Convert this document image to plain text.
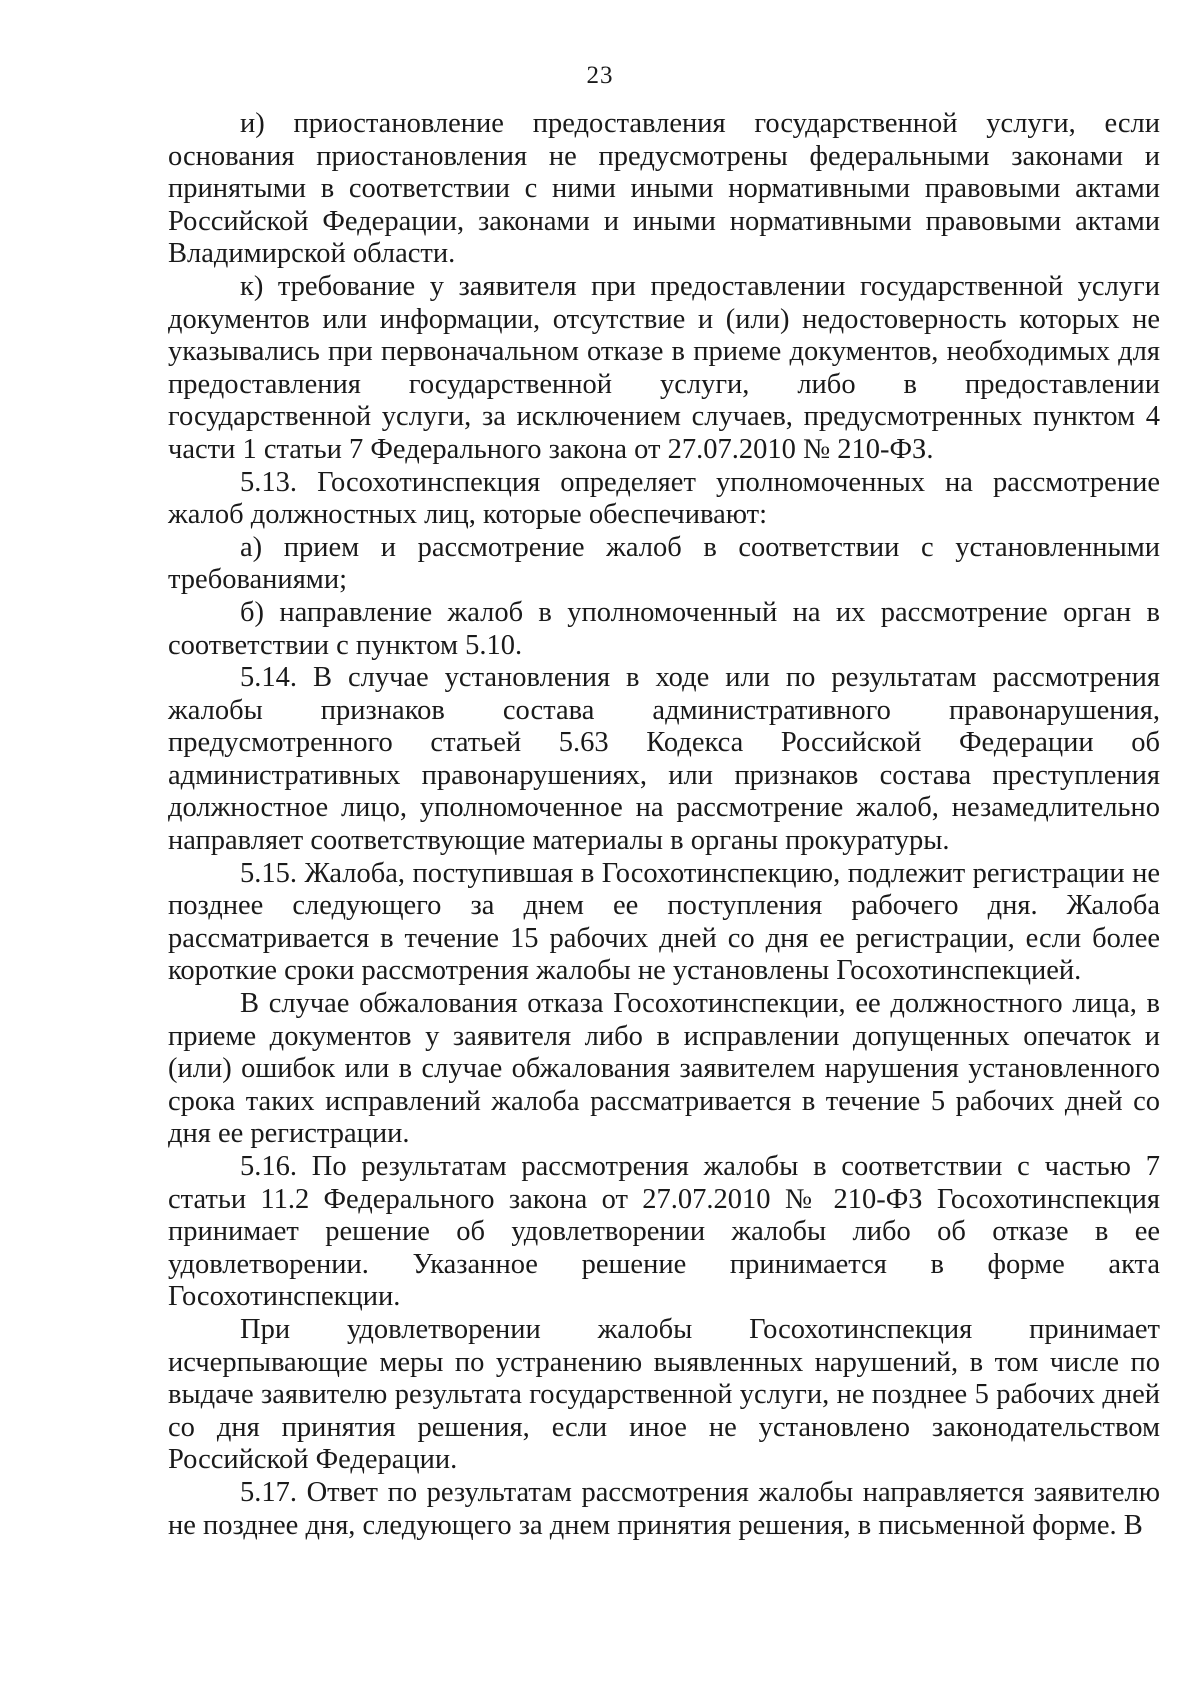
23

и) приостановление предоставления государственной услуги, если основания приостановления не предусмотрены федеральными законами и принятыми в соответствии с ними иными нормативными правовыми актами Российской Федерации, законами и иными нормативными правовыми актами Владимирской области.

к) требование у заявителя при предоставлении государственной услуги документов или информации, отсутствие и (или) недостоверность которых не указывались при первоначальном отказе в приеме документов, необходимых для предоставления государственной услуги, либо в предоставлении государственной услуги, за исключением случаев, предусмотренных пунктом 4 части 1 статьи 7 Федерального закона от 27.07.2010 № 210-ФЗ.

5.13. Госохотинспекция определяет уполномоченных на рассмотрение жалоб должностных лиц, которые обеспечивают:

а) прием и рассмотрение жалоб в соответствии с установленными требованиями;

б) направление жалоб в уполномоченный на их рассмотрение орган в соответствии с пунктом 5.10.

5.14. В случае установления в ходе или по результатам рассмотрения жалобы признаков состава административного правонарушения, предусмотренного статьей 5.63 Кодекса Российской Федерации об административных правонарушениях, или признаков состава преступления должностное лицо, уполномоченное на рассмотрение жалоб, незамедлительно направляет соответствующие материалы в органы прокуратуры.

5.15. Жалоба, поступившая в Госохотинспекцию, подлежит регистрации не позднее следующего за днем ее поступления рабочего дня. Жалоба рассматривается в течение 15 рабочих дней со дня ее регистрации, если более короткие сроки рассмотрения жалобы не установлены Госохотинспекцией.

В случае обжалования отказа Госохотинспекции, ее должностного лица, в приеме документов у заявителя либо в исправлении допущенных опечаток и (или) ошибок или в случае обжалования заявителем нарушения установленного срока таких исправлений жалоба рассматривается в течение 5 рабочих дней со дня ее регистрации.

5.16. По результатам рассмотрения жалобы в соответствии с частью 7 статьи 11.2 Федерального закона от 27.07.2010 № 210-ФЗ Госохотинспекция принимает решение об удовлетворении жалобы либо об отказе в ее удовлетворении. Указанное решение принимается в форме акта Госохотинспекции.

При удовлетворении жалобы Госохотинспекция принимает исчерпывающие меры по устранению выявленных нарушений, в том числе по выдаче заявителю результата государственной услуги, не позднее 5 рабочих дней со дня принятия решения, если иное не установлено законодательством Российской Федерации.

5.17. Ответ по результатам рассмотрения жалобы направляется заявителю не позднее дня, следующего за днем принятия решения, в письменной форме. В
